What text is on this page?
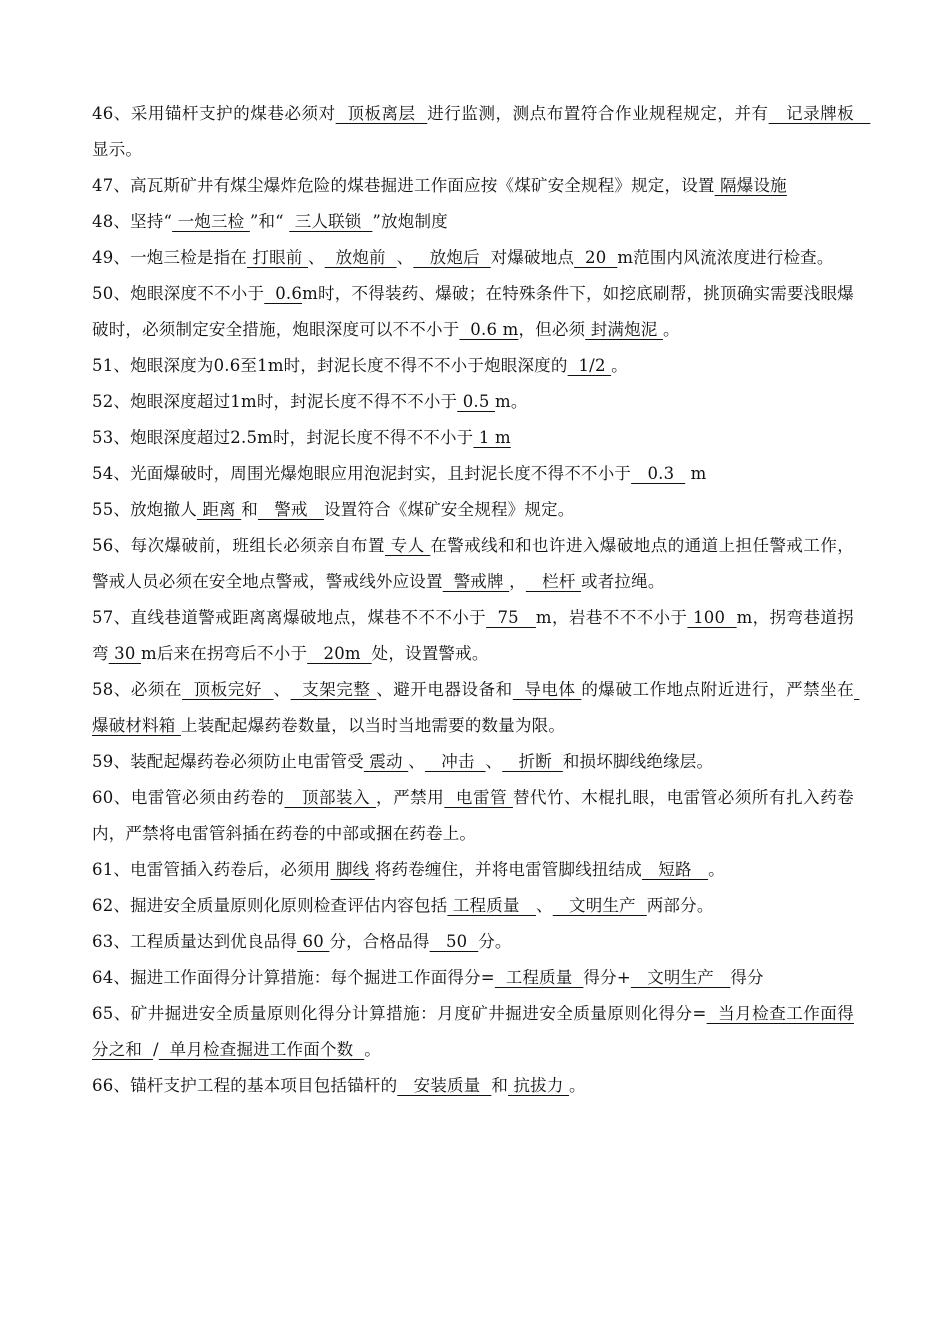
46、采用锚杆支护的煤巷必须对  顶板离层  进行监测，测点布置符合作业规程规定，并有   记录牌板   显示。

47、高瓦斯矿井有煤尘爆炸危险的煤巷掘进工作面应按《煤矿安全规程》规定，设置 隔爆设施

48、坚持“ 一炮三检 ”和“  三人联锁  ”放炮制度

49、一炮三检是指在 打眼前 、  放炮前  、   放炮后  对爆破地点  20  m范围内风流浓度进行检查。

50、炮眼深度不不小于  0.6m时，不得装药、爆破；在特殊条件下，如挖底刷帮，挑顶确实需要浅眼爆破时，必须制定安全措施，炮眼深度可以不不小于  0.6 m，但必须 封满炮泥 。

51、炮眼深度为0.6至1m时，封泥长度不得不不小于炮眼深度的  1/2 。

52、炮眼深度超过1m时，封泥长度不得不不小于 0.5 m。

53、炮眼深度超过2.5m时，封泥长度不得不不小于 1 m

54、光面爆破时，周围光爆炮眼应用泡泥封实，且封泥长度不得不不小于   0.3   m

55、放炮撤人 距离 和   警戒   设置符合《煤矿安全规程》规定。

56、每次爆破前，班组长必须亲自布置 专人 在警戒线和和也许进入爆破地点的通道上担任警戒工作，警戒人员必须在安全地点警戒，警戒线外应设置  警戒牌 ，   栏杆 或者拉绳。

57、直线巷道警戒距离离爆破地点，煤巷不不不小于  75   m，岩巷不不不小于 100  m，拐弯巷道拐弯 30 m后来在拐弯后不小于   20m  处，设置警戒。

58、必须在  顶板完好  、  支架完整 、避开电器设备和  导电体 的爆破工作地点附近进行，严禁坐在 爆破材料箱 上装配起爆药卷数量，以当时当地需要的数量为限。

59、装配起爆药卷必须防止电雷管受 震动 、   冲击  、   折断  和损坏脚线绝缘层。

60、电雷管必须由药卷的   顶部装入 ，严禁用  电雷管 替代竹、木棍扎眼，电雷管必须所有扎入药卷内，严禁将电雷管斜插在药卷的中部或捆在药卷上。

61、电雷管插入药卷后，必须用 脚线 将药卷缠住，并将电雷管脚线扭结成   短路   。

62、掘进安全质量原则化原则检查评估内容包括 工程质量   、   文明生产  两部分。

63、工程质量达到优良品得 60 分，合格品得   50  分。

64、掘进工作面得分计算措施：每个掘进工作面得分=  工程质量  得分+   文明生产   得分

65、矿井掘进安全质量原则化得分计算措施：月度矿井掘进安全质量原则化得分=  当月检查工作面得分之和  /  单月检查掘进工作面个数  。

66、锚杆支护工程的基本项目包括锚杆的   安装质量  和 抗拔力 。
